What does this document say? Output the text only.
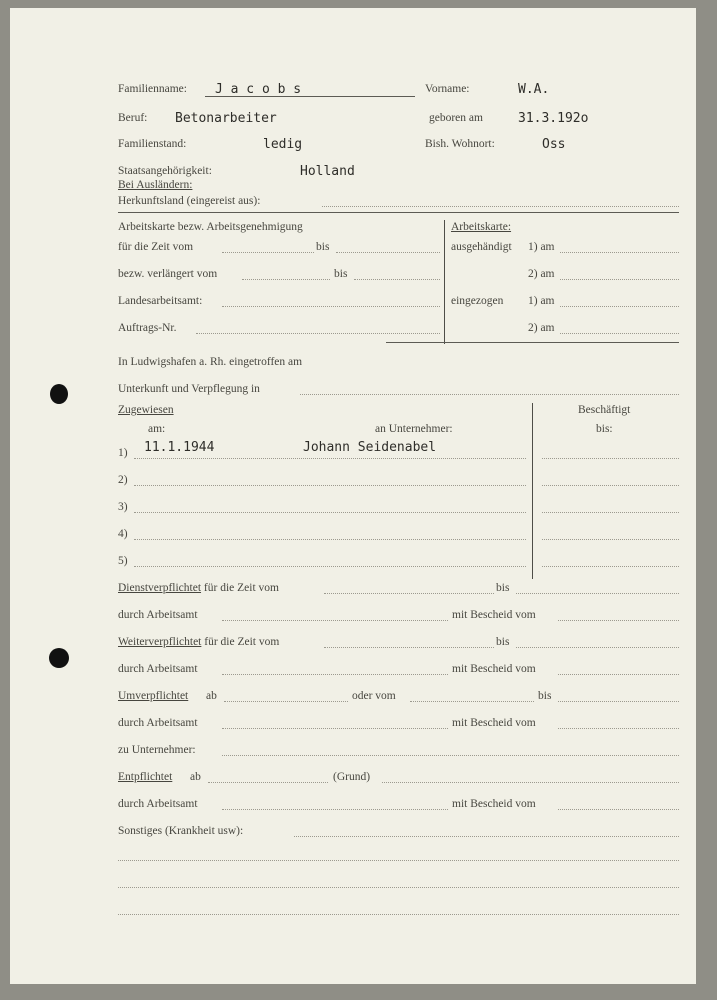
Familienname: J a c o b s	Vorname:	W.A.
Beruf: Betonarbeiter	geboren am	31.3.192o
Familienstand:	ledig	Bish. Wohnort:	Oss
Staatsangehörigkeit:	Holland
Bei Ausländern:
Herkunftsland (eingereist aus):
Arbeitskarte bezw. Arbeitsgenehmigung
für die Zeit vom	bis
bezw. verlängert vom	bis
Landesarbeitsamt:
Auftrags-Nr.
Arbeitskarte:
ausgehändigt 1) am
2) am
eingezogen 1) am
2) am
In Ludwigshafen a. Rh. eingetroffen am
Unterkunft und Verpflegung in
Zugewiesen	Beschäftigt
am:	an Unternehmer:	bis:
1) 11.1.1944	Johann Seidenabel
2)
3)
4)
5)
Dienstverpflichtet für die Zeit vom	bis
durch Arbeitsamt	mit Bescheid vom
Weiterverpflichtet für die Zeit vom	bis
durch Arbeitsamt	mit Bescheid vom
Umverpflichtet ab	oder vom	bis
durch Arbeitsamt	mit Bescheid vom
zu Unternehmer:
Entpflichtet ab	(Grund)
durch Arbeitsamt	mit Bescheid vom
Sonstiges (Krankheit usw):
